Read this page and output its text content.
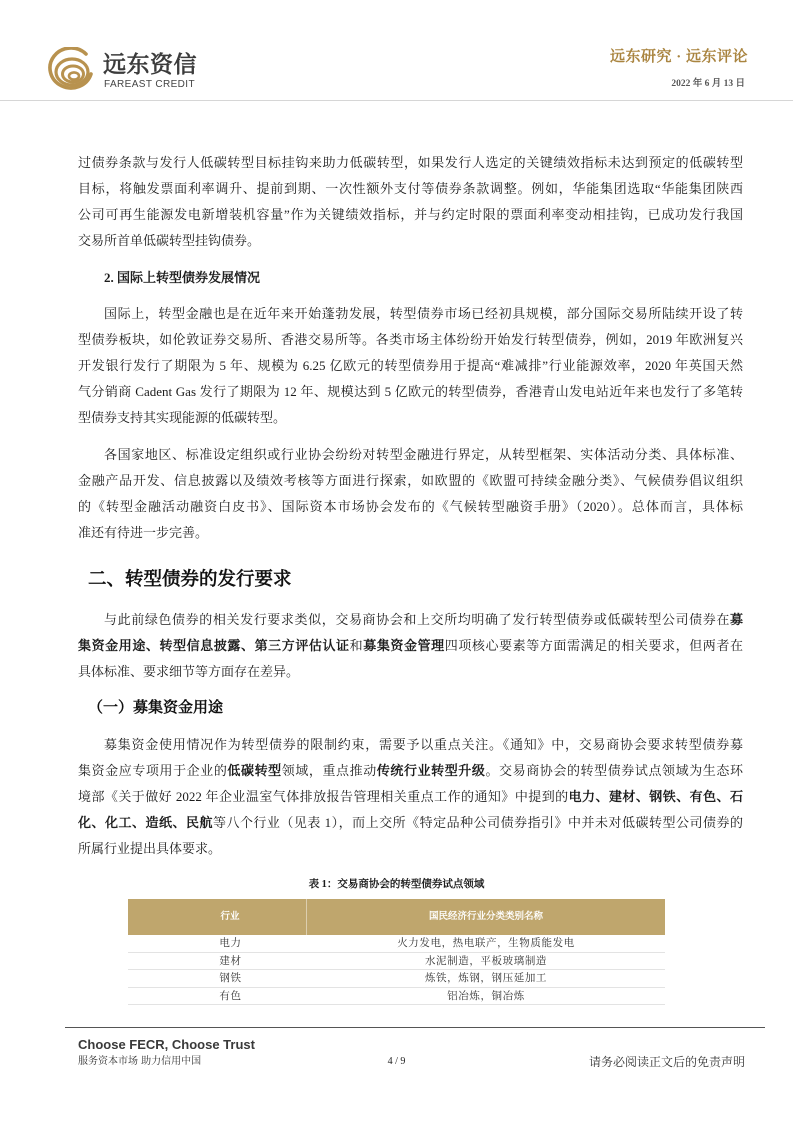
远东资信
FAREAST CREDIT
远东研究 · 远东评论
2022 年 6 月 13 日
过债券条款与发行人低碳转型目标挂钩来助力低碳转型，如果发行人选定的关键绩效指标未达到预定的低碳转型
目标，将触发票面利率调升、提前到期、一次性额外支付等债券条款调整。例如，华能集团选取“华能集团陕西
公司可再生能源发电新增装机容量”作为关键绩效指标，并与约定时限的票面利率变动相挂钩，已成功发行我国
交易所首单低碳转型挂钩债券。
2. 国际上转型债券发展情况
国际上，转型金融也是在近年来开始蓬勃发展，转型债券市场已经初具规模，部分国际交易所陆续开设了转
型债券板块，如伦敦证券交易所、香港交易所等。各类市场主体纷纷开始发行转型债券，例如，2019 年欧洲复兴
开发银行发行了期限为 5 年、规模为 6.25 亿欧元的转型债券用于提高“难减排”行业能源效率，2020 年英国天然
气分销商 Cadent Gas 发行了期限为 12 年、规模达到 5 亿欧元的转型债券，香港青山发电站近年来也发行了多笔转
型债券支持其实现能源的低碳转型。
各国家地区、标准设定组织或行业协会纷纷对转型金融进行界定，从转型框架、实体活动分类、具体标准、
金融产品开发、信息披露以及绩效考核等方面进行探索，如欧盟的《欧盟可持续金融分类》、气候债券倡议组织
的《转型金融活动融资白皮书》、国际资本市场协会发布的《气候转型融资手册》（2020）。总体而言，具体标
准还有待进一步完善。
二、转型债券的发行要求
与此前绿色债券的相关发行要求类似，交易商协会和上交所均明确了发行转型债券或低碳转型公司债券在募
集资金用途、转型信息披露、第三方评估认证和募集资金管理四项核心要素等方面需满足的相关要求，但两者在
具体标准、要求细节等方面存在差异。
（一）募集资金用途
募集资金使用情况作为转型债券的限制约束，需要予以重点关注。《通知》中，交易商协会要求转型债券募
集资金应专项用于企业的低碳转型领域，重点推动传统行业转型升级。交易商协会的转型债券试点领域为生态环
境部《关于做好 2022 年企业温室气体排放报告管理相关重点工作的通知》中提到的电力、建材、钢铁、有色、石
化、化工、造纸、民航等八个行业（见表 1），而上交所《特定品种公司债券指引》中并未对低碳转型公司债券的
所属行业提出具体要求。
表 1：交易商协会的转型债券试点领域
行业	国民经济行业分类类别名称
电力	火力发电，热电联产，生物质能发电
建材	水泥制造，平板玻璃制造
钢铁	炼铁，炼钢，钢压延加工
有色	铝冶炼，铜冶炼
Choose FECR, Choose Trust
服务资本市场 助力信用中国	4 / 9	请务必阅读正文后的免责声明
